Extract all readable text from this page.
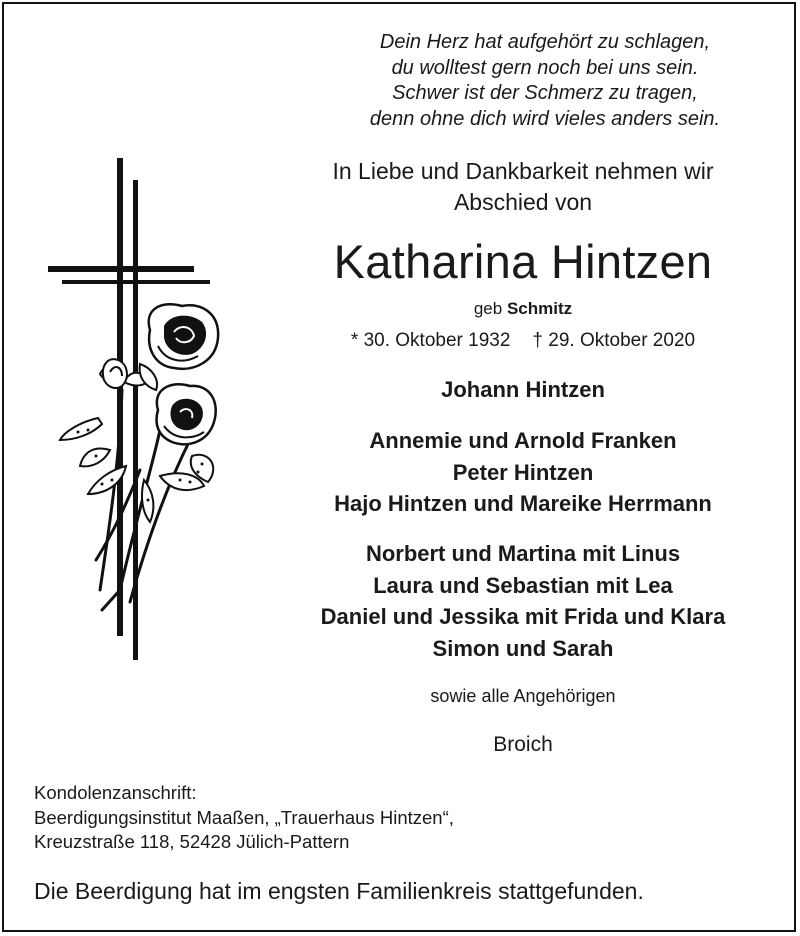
Dein Herz hat aufgehört zu schlagen,
du wolltest gern noch bei uns sein.
Schwer ist der Schmerz zu tragen,
denn ohne dich wird vieles anders sein.
In Liebe und Dankbarkeit nehmen wir
Abschied von
Katharina Hintzen
geb Schmitz
* 30. Oktober 1932 † 29. Oktober 2020
Johann Hintzen
Annemie und Arnold Franken
Peter Hintzen
Hajo Hintzen und Mareike Herrmann
Norbert und Martina mit Linus
Laura und Sebastian mit Lea
Daniel und Jessika mit Frida und Klara
Simon und Sarah
sowie alle Angehörigen
Broich
Kondolenzanschrift:
Beerdigungsinstitut Maaßen, „Trauerhaus Hintzen“,
Kreuzstraße 118, 52428 Jülich-Pattern
Die Beerdigung hat im engsten Familienkreis stattgefunden.
